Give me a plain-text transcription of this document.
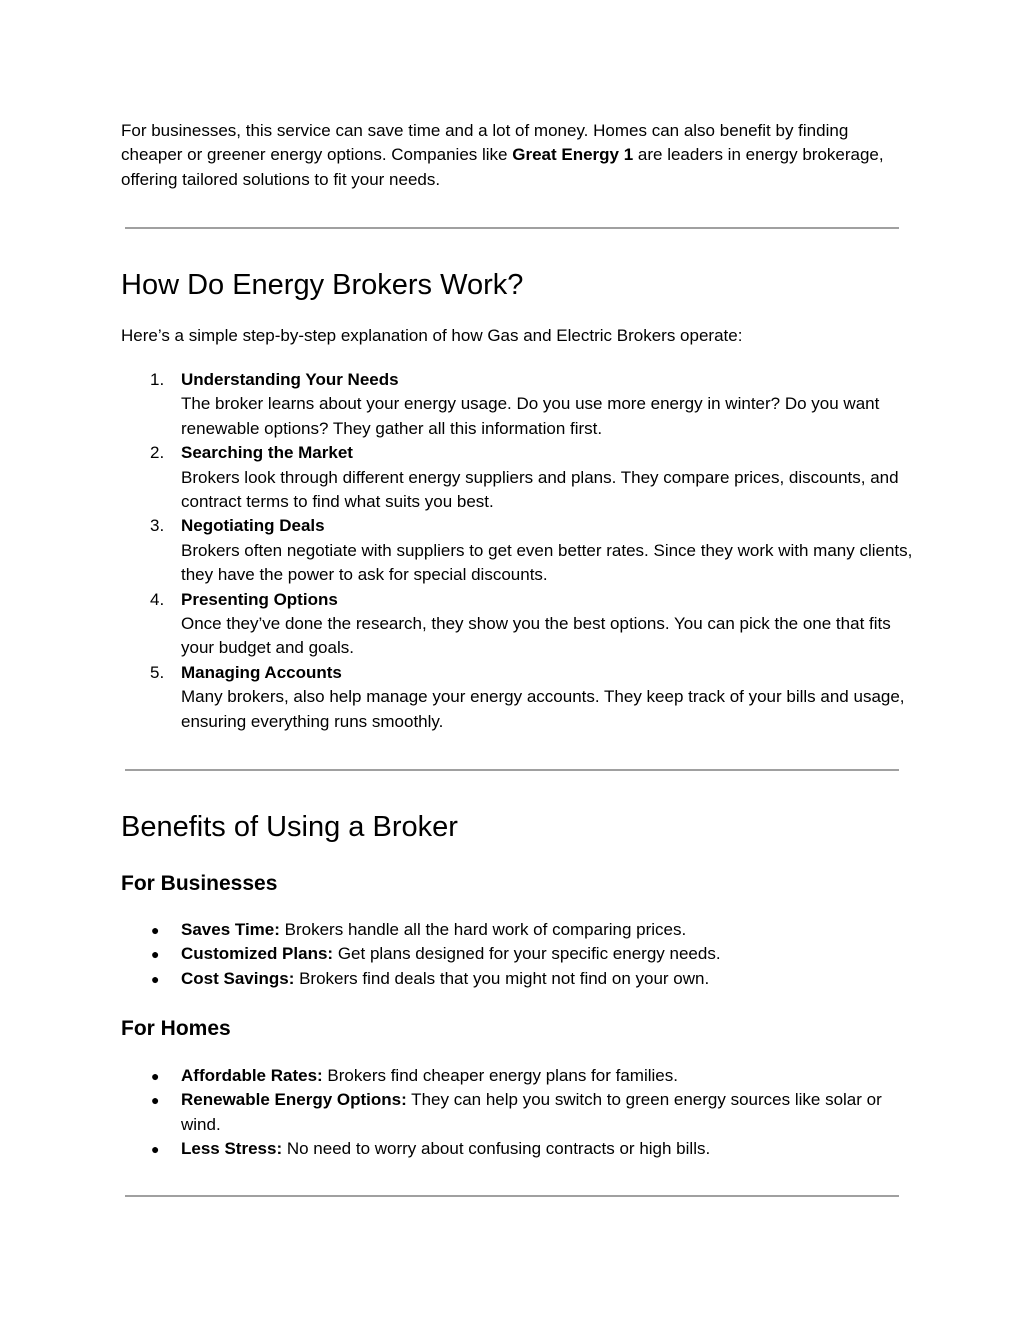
For businesses, this service can save time and a lot of money. Homes can also benefit by finding cheaper or greener energy options. Companies like Great Energy 1 are leaders in energy brokerage, offering tailored solutions to fit your needs.

How Do Energy Brokers Work?

Here’s a simple step-by-step explanation of how Gas and Electric Brokers operate:

1. Understanding Your Needs
The broker learns about your energy usage. Do you use more energy in winter? Do you want renewable options? They gather all this information first.
2. Searching the Market
Brokers look through different energy suppliers and plans. They compare prices, discounts, and contract terms to find what suits you best.
3. Negotiating Deals
Brokers often negotiate with suppliers to get even better rates. Since they work with many clients, they have the power to ask for special discounts.
4. Presenting Options
Once they’ve done the research, they show you the best options. You can pick the one that fits your budget and goals.
5. Managing Accounts
Many brokers, also help manage your energy accounts. They keep track of your bills and usage, ensuring everything runs smoothly.
Benefits of Using a Broker
For Businesses
● Saves Time: Brokers handle all the hard work of comparing prices.
● Customized Plans: Get plans designed for your specific energy needs.
● Cost Savings: Brokers find deals that you might not find on your own.
For Homes
● Affordable Rates: Brokers find cheaper energy plans for families.
● Renewable Energy Options: They can help you switch to green energy sources like solar or wind.
● Less Stress: No need to worry about confusing contracts or high bills.
